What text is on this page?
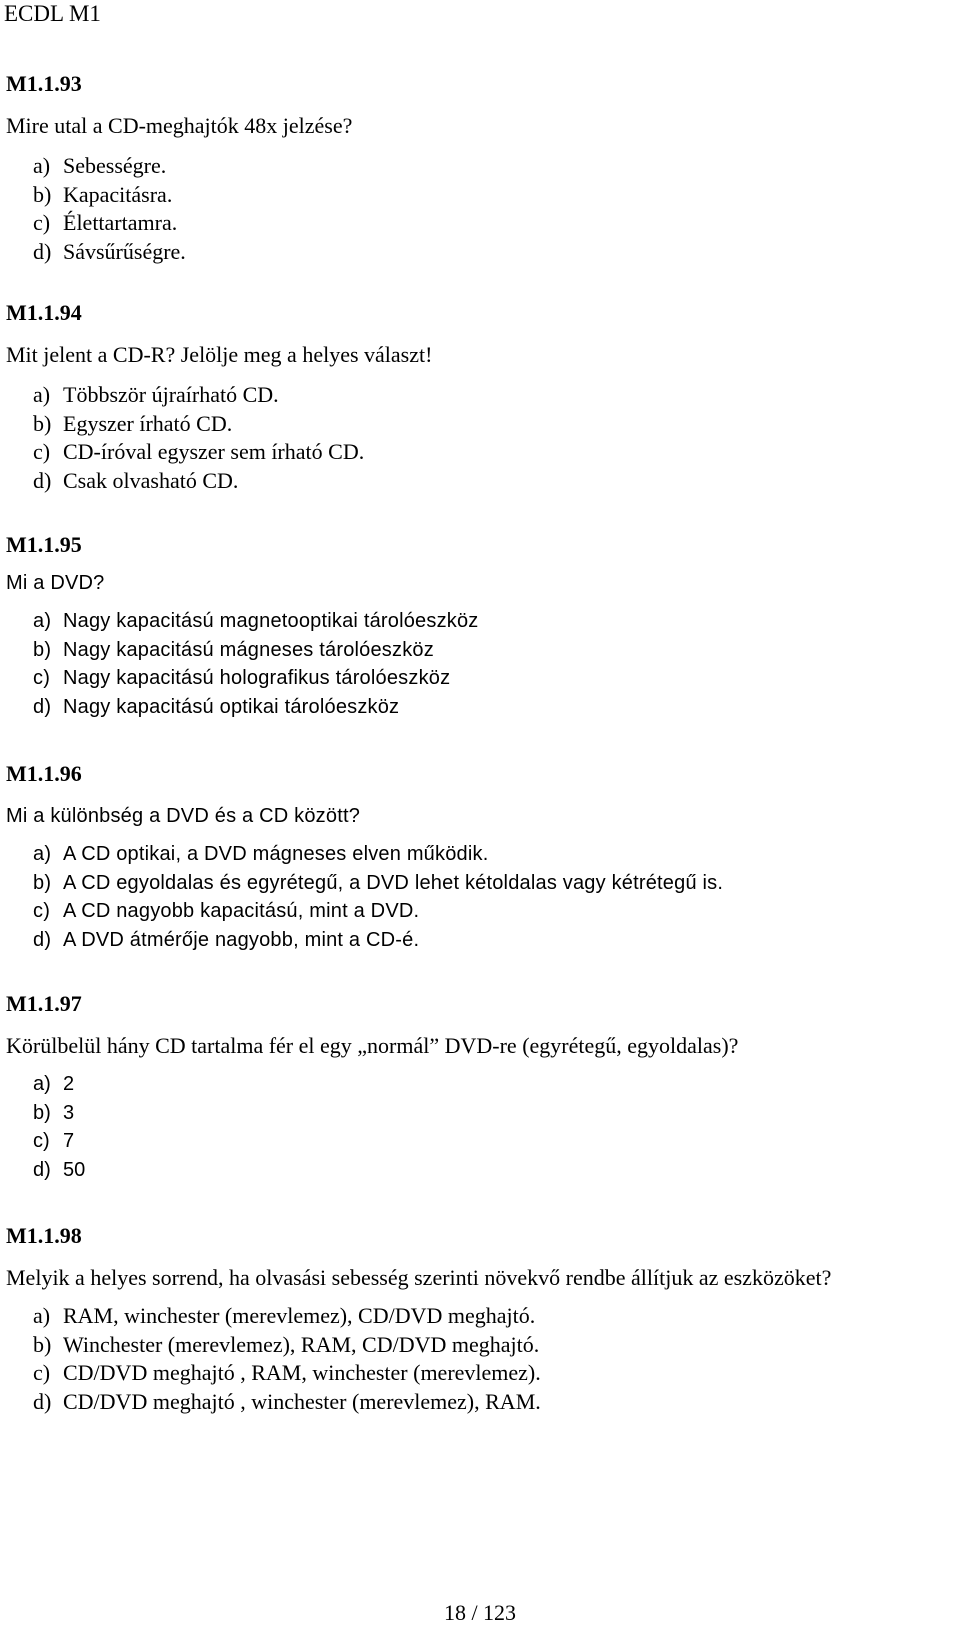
ECDL M1
M1.1.93
Mire utal a CD-meghajtók 48x jelzése?
a) Sebességre.
b) Kapacitásra.
c) Élettartamra.
d) Sávsűrűségre.
M1.1.94
Mit jelent a CD-R? Jelölje meg a helyes választ!
a) Többször újraírható CD.
b) Egyszer írható CD.
c) CD-íróval egyszer sem írható CD.
d) Csak olvasható CD.
M1.1.95
Mi a DVD?
a) Nagy kapacitású magnetooptikai tárolóeszköz
b) Nagy kapacitású mágneses tárolóeszköz
c) Nagy kapacitású holografikus tárolóeszköz
d) Nagy kapacitású optikai tárolóeszköz
M1.1.96
Mi a különbség a DVD és a CD között?
a) A CD optikai, a DVD mágneses elven működik.
b) A CD egyoldalas és egyrétegű, a DVD lehet kétoldalas vagy kétrétegű is.
c) A CD nagyobb kapacitású, mint a DVD.
d) A DVD átmérője nagyobb, mint a CD-é.
M1.1.97
Körülbelül hány CD tartalma fér el egy „normál” DVD-re (egyrétegű, egyoldalas)?
a) 2
b) 3
c) 7
d) 50
M1.1.98
Melyik a helyes sorrend, ha olvasási sebesség szerinti növekvő rendbe állítjuk az eszközöket?
a) RAM, winchester (merevlemez), CD/DVD meghajtó.
b) Winchester (merevlemez), RAM, CD/DVD meghajtó.
c) CD/DVD meghajtó , RAM, winchester (merevlemez).
d) CD/DVD meghajtó , winchester (merevlemez), RAM.
18 / 123
